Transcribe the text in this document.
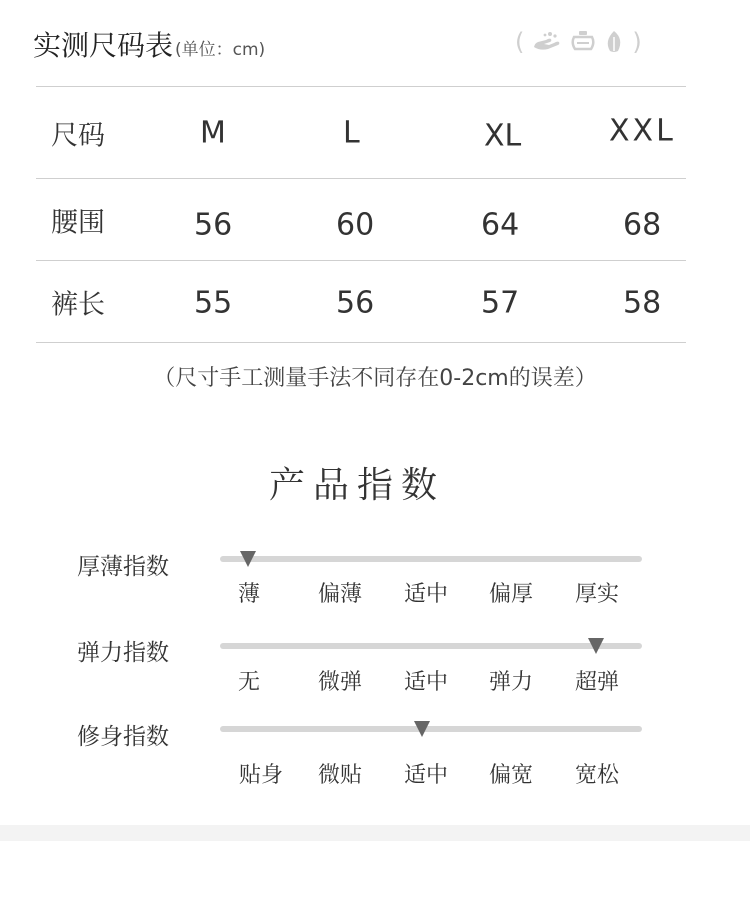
实测尺码表 (单位：cm)	(	)
尺码	M	L	XL	XXL
腰围	56	60	64	68
裤长	55	56	57	58
（尺寸手工测量手法不同存在0-2cm的误差）
产品指数
厚薄指数
薄	偏薄 适中 偏厚 厚实
弹力指数
无	微弹 适中 弹力 超弹
修身指数
贴身 微贴 适中 偏宽 宽松
